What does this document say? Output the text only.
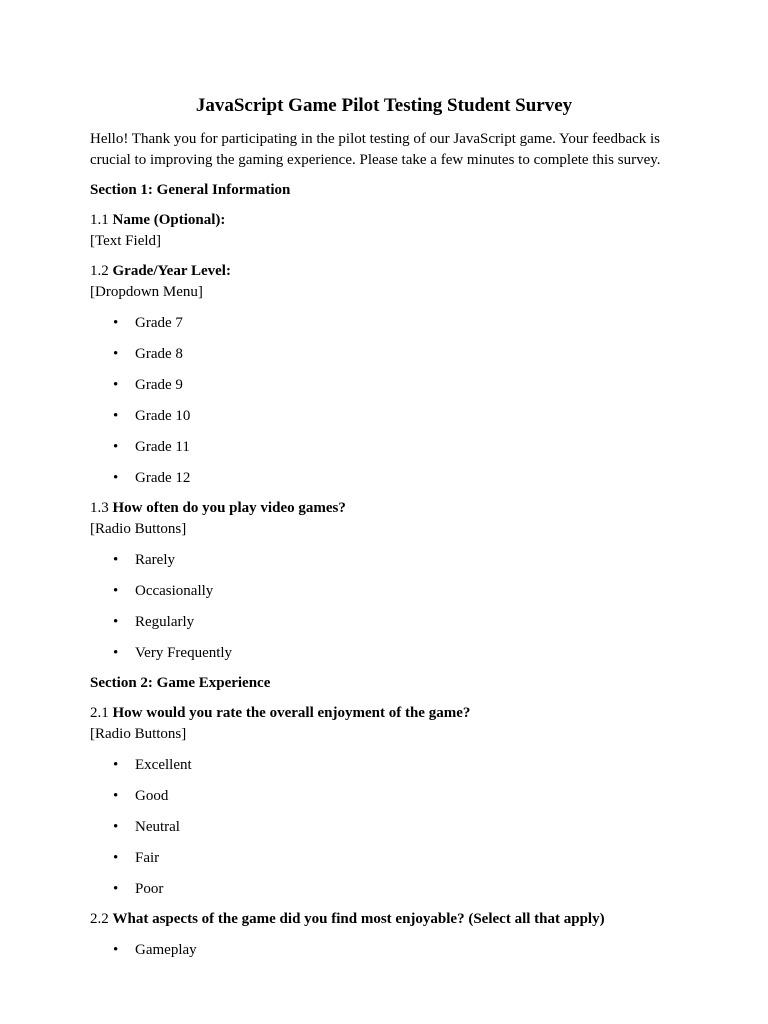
JavaScript Game Pilot Testing Student Survey

Hello! Thank you for participating in the pilot testing of our JavaScript game. Your feedback is crucial to improving the gaming experience. Please take a few minutes to complete this survey.

Section 1: General Information

1.1 Name (Optional):
[Text Field]

1.2 Grade/Year Level:
[Dropdown Menu]

• Grade 7
• Grade 8
• Grade 9
• Grade 10
• Grade 11
• Grade 12

1.3 How often do you play video games?
[Radio Buttons]

• Rarely
• Occasionally
• Regularly
• Very Frequently

Section 2: Game Experience

2.1 How would you rate the overall enjoyment of the game?
[Radio Buttons]

• Excellent
• Good
• Neutral
• Fair
• Poor

2.2 What aspects of the game did you find most enjoyable? (Select all that apply)

• Gameplay
